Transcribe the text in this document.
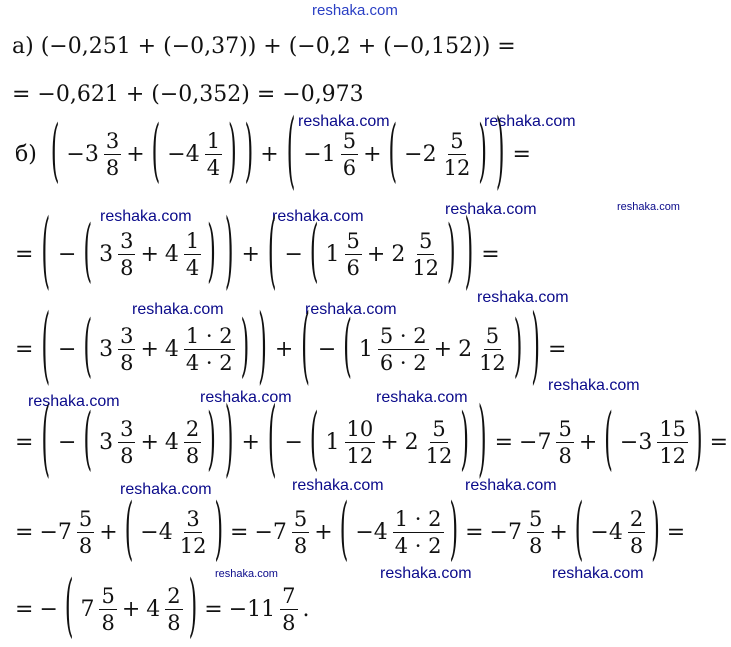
reshaka.com
reshaka.com	reshaka.com
reshaka.com	reshaka.com	reshaka.com	reshaka.com
reshaka.com	reshaka.com
reshaka.com
reshaka.com
reshaka.com	reshaka.com	reshaka.com
reshaka.com	reshaka.com	reshaka.com
reshaka.com	reshaka.com	reshaka.com
а) (−0,251 + (−0,37)) + (−0,2 + (−0,152)) =
= −0,621 + (−0,352) = −0,973
б) ( $-3 \frac{3}{8}$ + ( $-4 \frac{1}{4}$ ) ) + ( $-1 \frac{5}{6}$ + ( $-2 \frac{5}{12}$ ) ) =
= ( − ( $3 \frac{3}{8} + 4 \frac{1}{4}$ ) ) + ( − ( $1 \frac{5}{6} + 2 \frac{5}{12}$ ) ) =
= ( − ( $3 \frac{3}{8} + 4 \frac{1 \cdot 2}{4 \cdot 2}$ ) ) + ( − ( $1 \frac{5 \cdot 2}{6 \cdot 2} + 2 \frac{5}{12}$ ) ) =
= ( − ( $3 \frac{3}{8} + 4 \frac{2}{8}$ ) ) + ( − ( $1 \frac{10}{12} + 2 \frac{5}{12}$ ) ) = $-7 \frac{5}{8}$ + ( $-3 \frac{15}{12}$ ) =
= $-7 \frac{5}{8}$ + ( $-4 \frac{3}{12}$ ) = $-7 \frac{5}{8}$ + ( $-4 \frac{1 \cdot 2}{4 \cdot 2}$ ) = $-7 \frac{5}{8}$ + ( $-4 \frac{2}{8}$ ) =
= − ( $7 \frac{5}{8} + 4 \frac{2}{8}$ ) = $-11 \frac{7}{8}$ .
